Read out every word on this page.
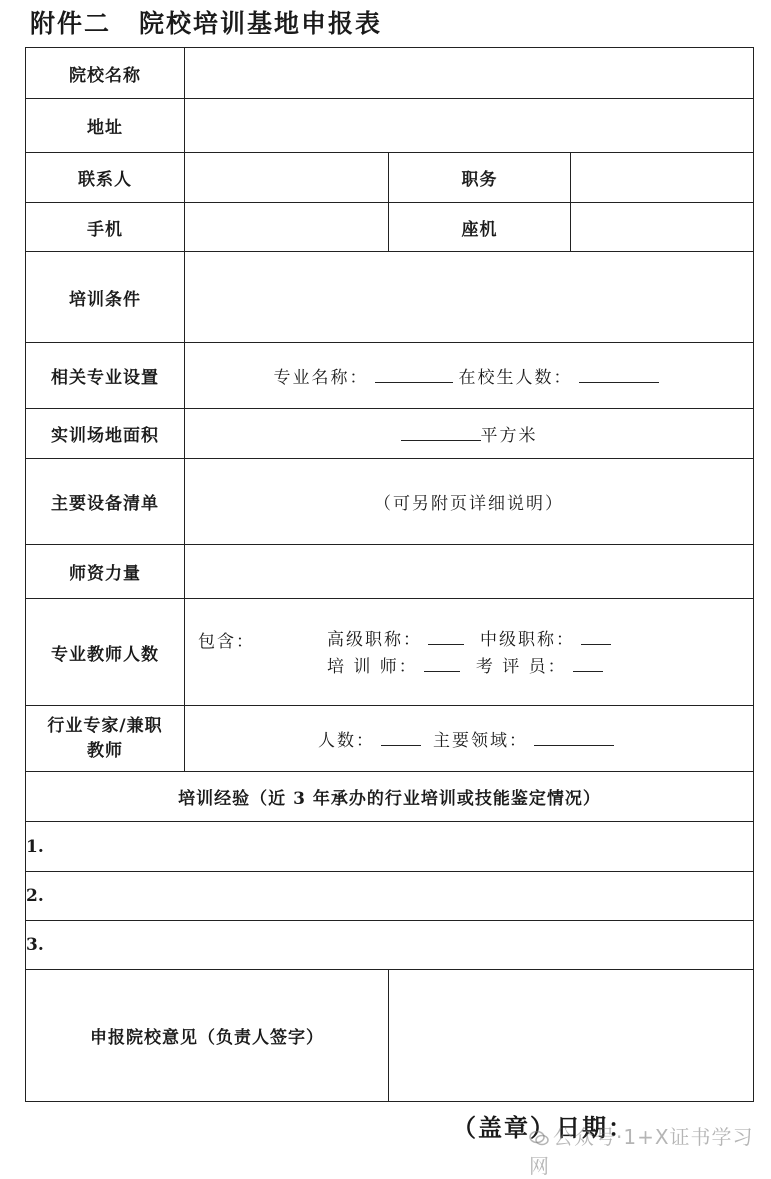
附件二 院校培训基地申报表
院校名称			
地址			
联系人		职务	
手机		座机	
培训条件			
相关专业设置	专业名称： 在校生人数：		
实训场地面积	平方米		
主要设备清单	（可另附页详细说明）		
师资力量			
专业教师人数	包含： 高级职称： 中级职称：
培 训 师： 考 评 员：		

行业专家/兼职
教师	人数： 主要领域：		
培训经验（近 3 年承办的行业培训或技能鉴定情况）			
1.			
2.			
3.			
申报院校意见（负责人签字）			
（盖章）日期：
公众号·1+X证书学习网
